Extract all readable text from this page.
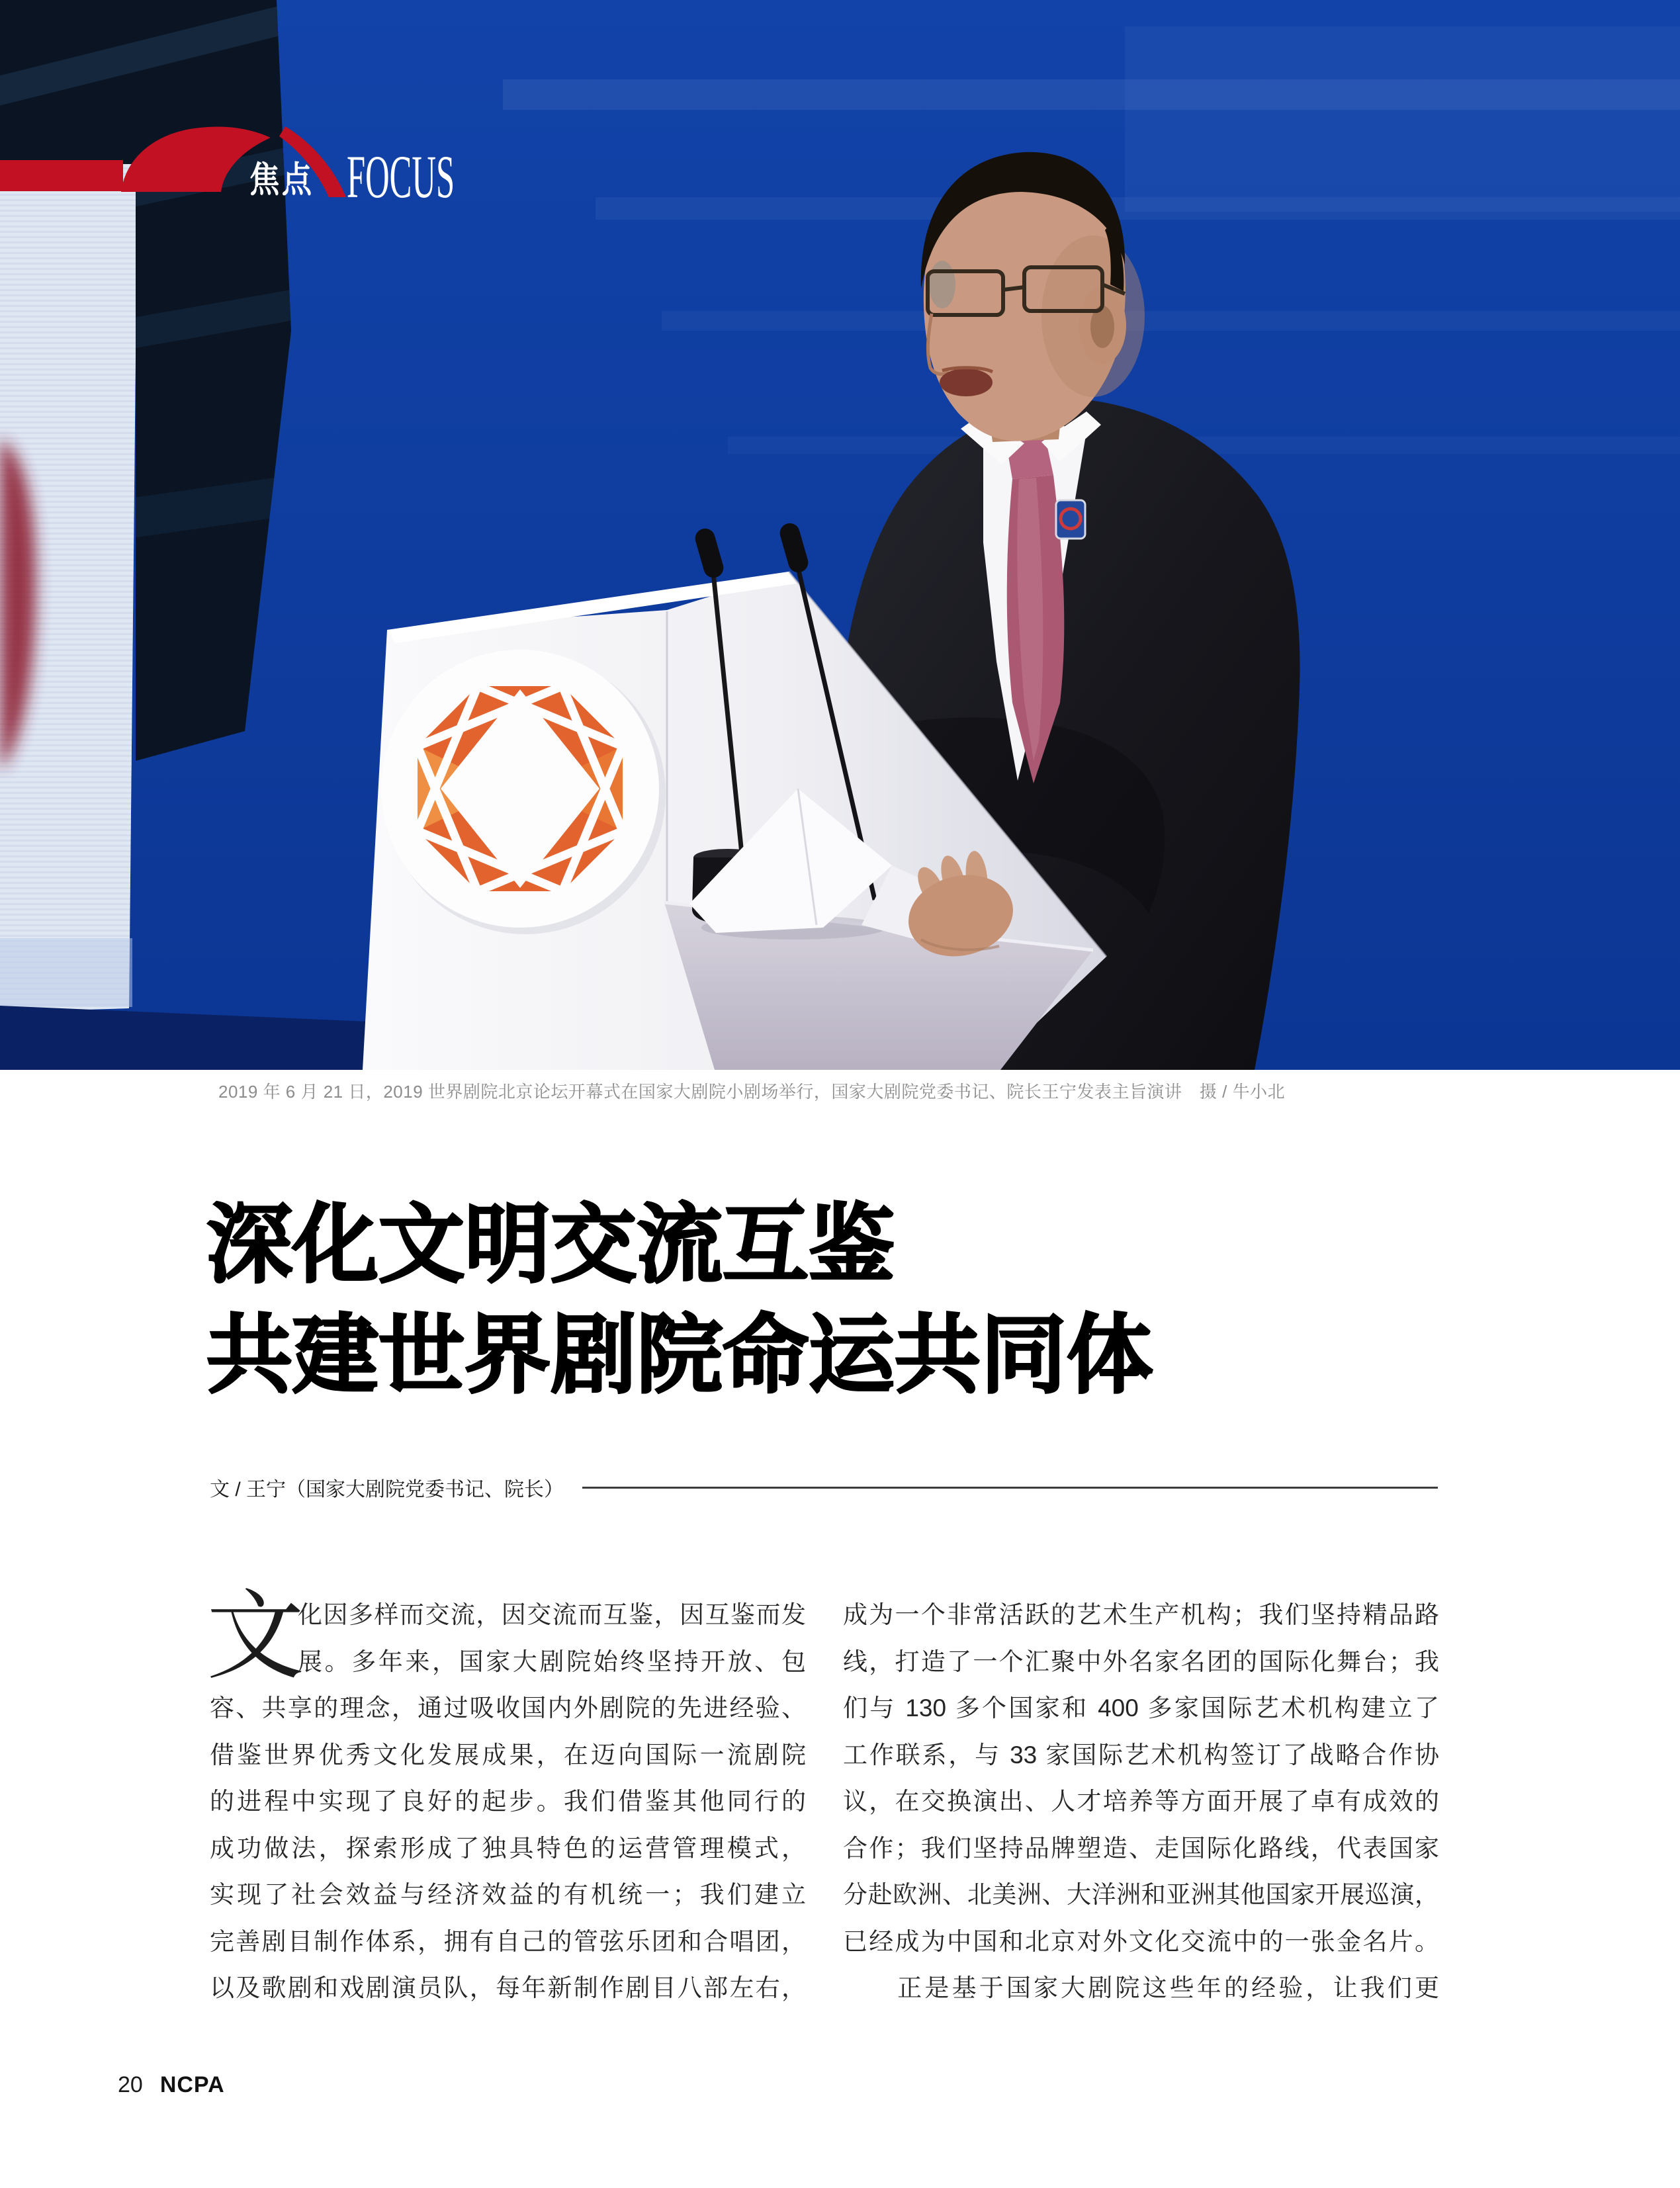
焦点 FOCUS
2019 年 6 月 21 日，2019 世界剧院北京论坛开幕式在国家大剧院小剧场举行，国家大剧院党委书记、院长王宁发表主旨演讲　摄 / 牛小北
深化文明交流互鉴
共建世界剧院命运共同体
文 / 王宁（国家大剧院党委书记、院长）
文
化因多样而交流，因交流而互鉴，因互鉴而发
展。多年来，国家大剧院始终坚持开放、包
容、共享的理念，通过吸收国内外剧院的先进经验、
借鉴世界优秀文化发展成果，在迈向国际一流剧院
的进程中实现了良好的起步。我们借鉴其他同行的
成功做法，探索形成了独具特色的运营管理模式，
实现了社会效益与经济效益的有机统一；我们建立
完善剧目制作体系，拥有自己的管弦乐团和合唱团，
以及歌剧和戏剧演员队，每年新制作剧目八部左右，
成为一个非常活跃的艺术生产机构；我们坚持精品路
线，打造了一个汇聚中外名家名团的国际化舞台；我
们与 130 多个国家和 400 多家国际艺术机构建立了
工作联系，与 33 家国际艺术机构签订了战略合作协
议，在交换演出、人才培养等方面开展了卓有成效的
合作；我们坚持品牌塑造、走国际化路线，代表国家
分赴欧洲、北美洲、大洋洲和亚洲其他国家开展巡演，
已经成为中国和北京对外文化交流中的一张金名片。
　　正是基于国家大剧院这些年的经验，让我们更
20 NCPA
